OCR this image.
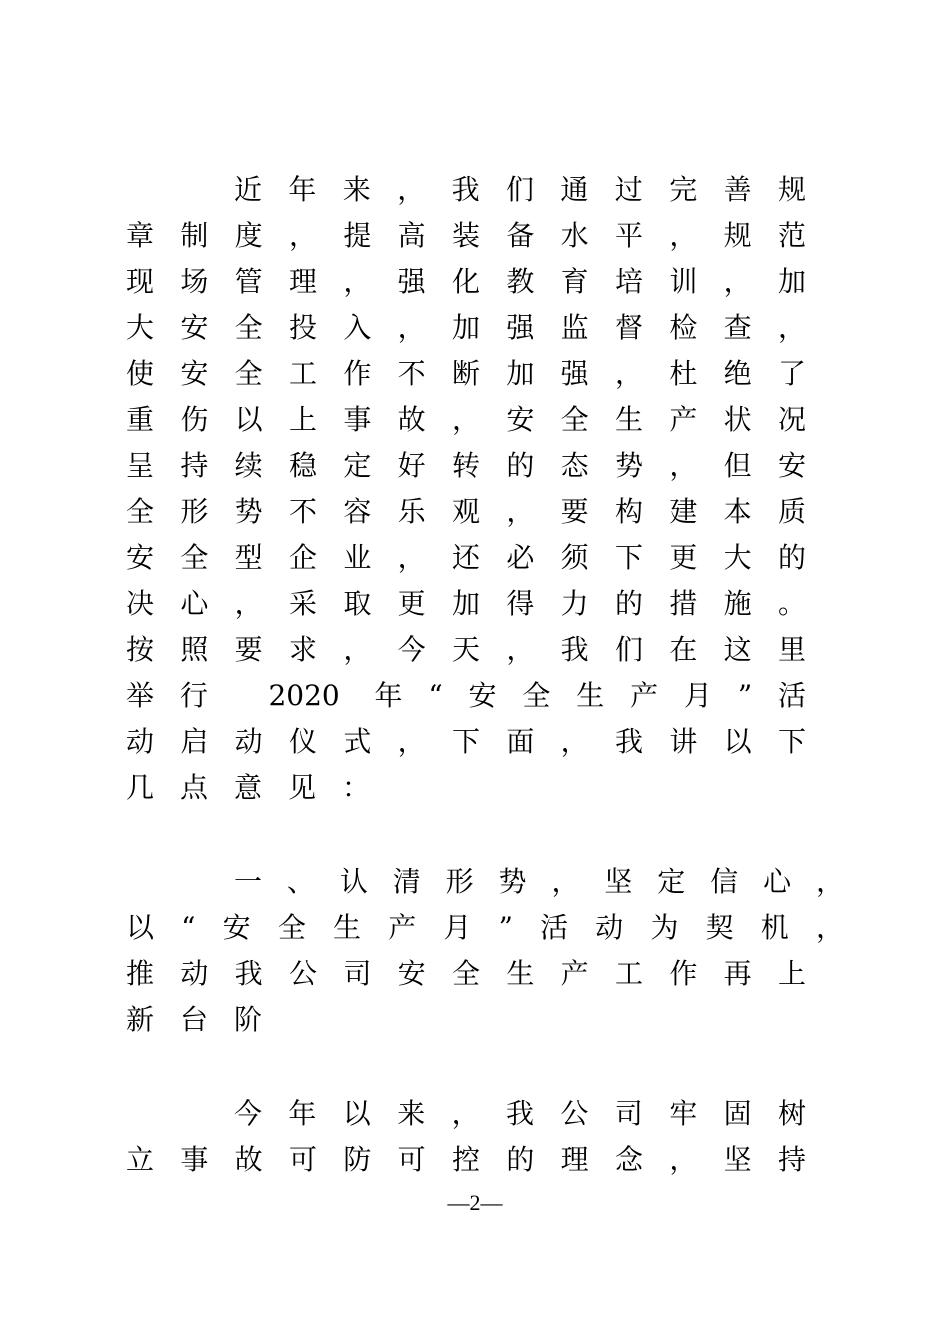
近年来，我们通过完善规
章制度，提高装备水平，规范
现场管理，强化教育培训，加
大安全投入，加强监督检查，
使安全工作不断加强，杜绝了
重伤以上事故，安全生产状况
呈持续稳定好转的态势，但安
全形势不容乐观，要构建本质
安全型企业，还必须下更大的
决心，采取更加得力的措施。
按照要求，今天，我们在这里
举行 2020 年“安全生产月”活
动启动仪式，下面，我讲以下
几点意见：
一、认清形势，坚定信心，
以“安全生产月”活动为契机，
推动我公司安全生产工作再上
新台阶
今年以来，我公司牢固树
立事故可防可控的理念，坚持
—2—
